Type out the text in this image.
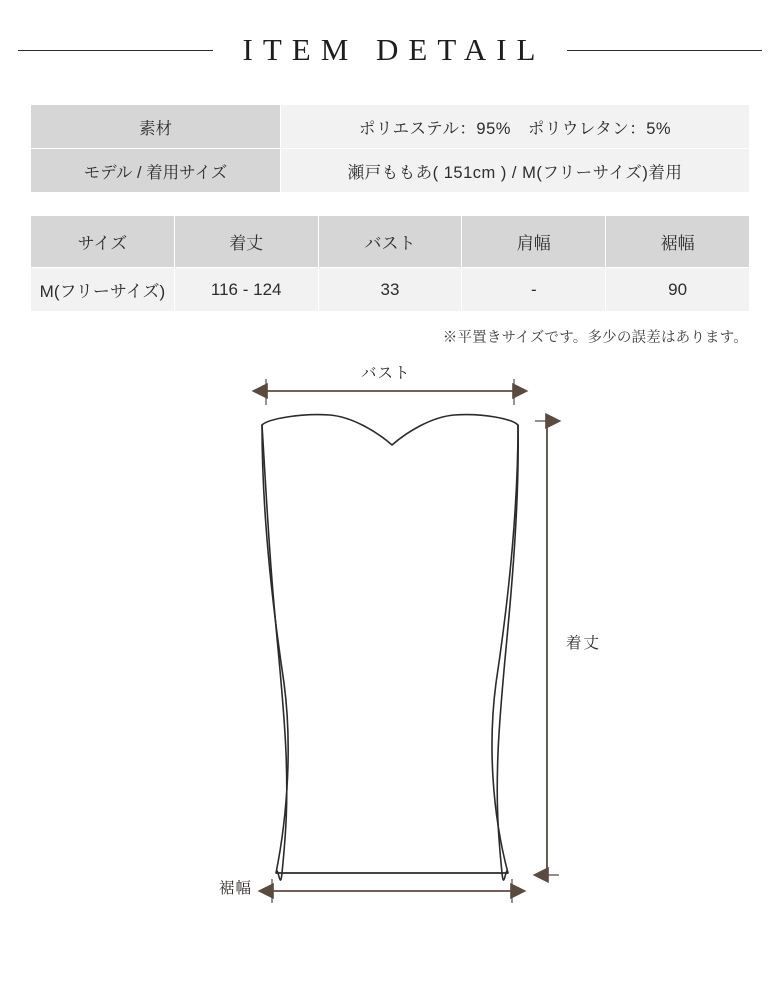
ITEM DETAIL
素材	ポリエステル：95%　ポリウレタン：5%
モデル / 着用サイズ	瀬戸ももあ( 151cm ) / M(フリーサイズ)着用
サイズ	着丈	バスト	肩幅	裾幅
M(フリーサイズ)	116 - 124	33	-	90
※平置きサイズです。多少の誤差はあります。
バスト
裾幅
着丈
